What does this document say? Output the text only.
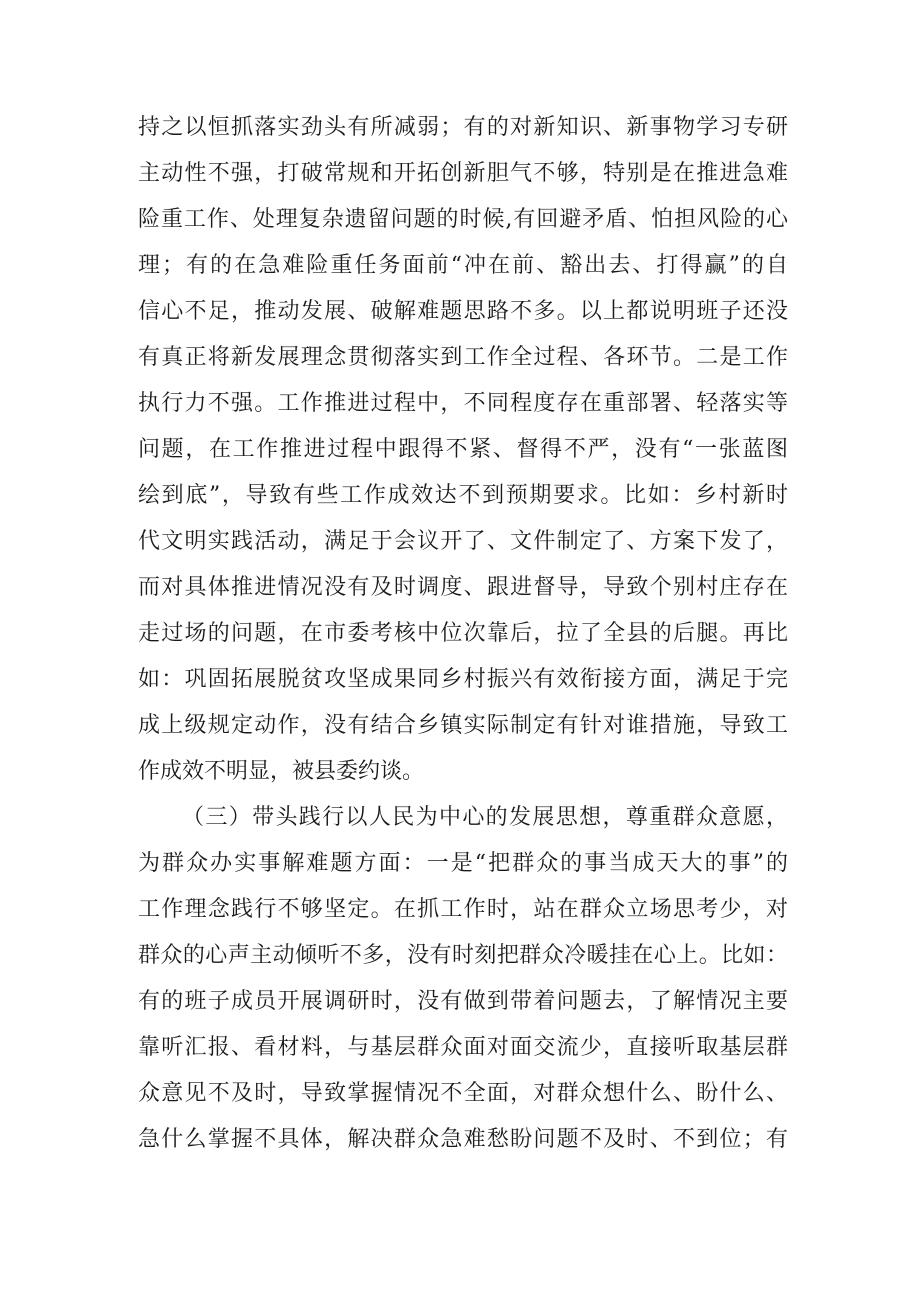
持之以恒抓落实劲头有所减弱；有的对新知识、新事物学习专研
主动性不强，打破常规和开拓创新胆气不够，特别是在推进急难
险重工作、处理复杂遗留问题的时候,有回避矛盾、怕担风险的心
理；有的在急难险重任务面前“冲在前、豁出去、打得赢”的自
信心不足，推动发展、破解难题思路不多。以上都说明班子还没
有真正将新发展理念贯彻落实到工作全过程、各环节。二是工作
执行力不强。工作推进过程中，不同程度存在重部署、轻落实等
问题，在工作推进过程中跟得不紧、督得不严，没有“一张蓝图
绘到底”，导致有些工作成效达不到预期要求。比如：乡村新时
代文明实践活动，满足于会议开了、文件制定了、方案下发了，
而对具体推进情况没有及时调度、跟进督导，导致个别村庄存在
走过场的问题，在市委考核中位次靠后，拉了全县的后腿。再比
如：巩固拓展脱贫攻坚成果同乡村振兴有效衔接方面，满足于完
成上级规定动作，没有结合乡镇实际制定有针对谁措施，导致工
作成效不明显，被县委约谈。
（三）带头践行以人民为中心的发展思想，尊重群众意愿，
为群众办实事解难题方面：一是“把群众的事当成天大的事”的
工作理念践行不够坚定。在抓工作时，站在群众立场思考少，对
群众的心声主动倾听不多，没有时刻把群众冷暖挂在心上。比如：
有的班子成员开展调研时，没有做到带着问题去，了解情况主要
靠听汇报、看材料，与基层群众面对面交流少，直接听取基层群
众意见不及时，导致掌握情况不全面，对群众想什么、盼什么、
急什么掌握不具体，解决群众急难愁盼问题不及时、不到位；有
